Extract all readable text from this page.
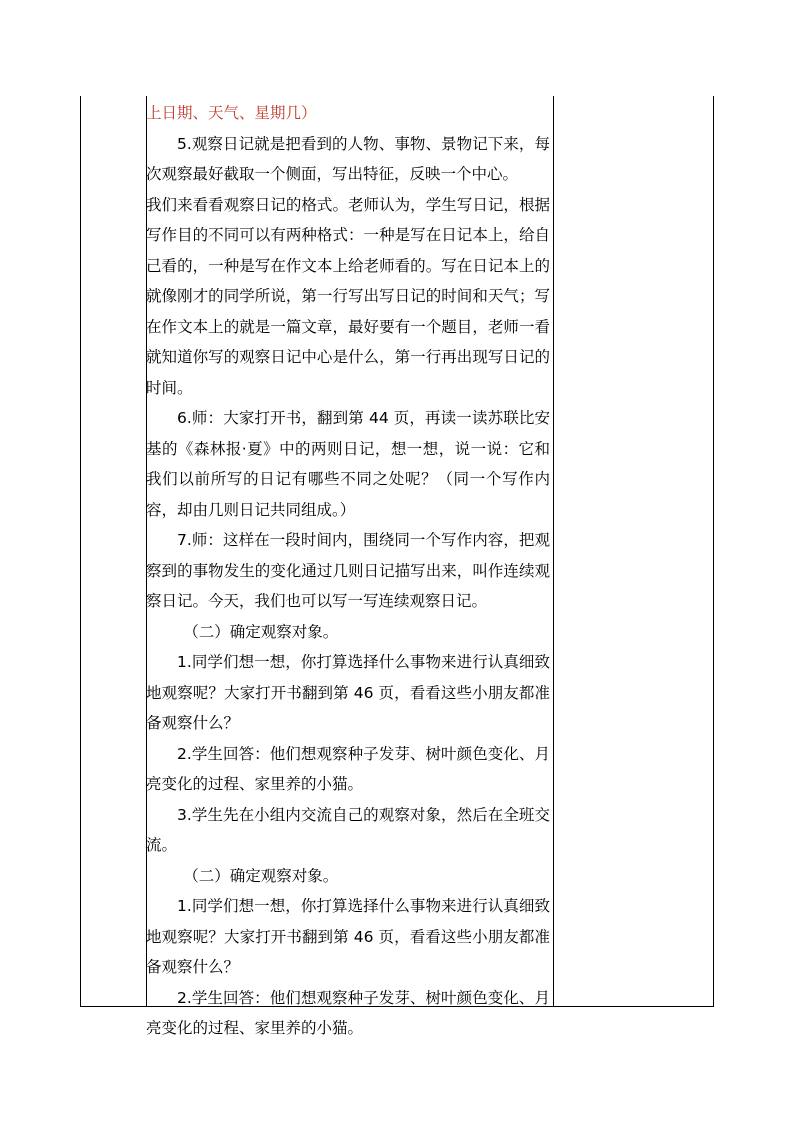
上日期、天气、星期几）

5.观察日记就是把看到的人物、事物、景物记下来，每次观察最好截取一个侧面，写出特征，反映一个中心。

我们来看看观察日记的格式。老师认为，学生写日记，根据写作目的不同可以有两种格式：一种是写在日记本上，给自己看的，一种是写在作文本上给老师看的。写在日记本上的就像刚才的同学所说，第一行写出写日记的时间和天气；写在作文本上的就是一篇文章，最好要有一个题目，老师一看就知道你写的观察日记中心是什么，第一行再出现写日记的时间。

6.师：大家打开书，翻到第 44 页，再读一读苏联比安基的《森林报·夏》中的两则日记，想一想，说一说：它和我们以前所写的日记有哪些不同之处呢？（同一个写作内容，却由几则日记共同组成。）

7.师：这样在一段时间内，围绕同一个写作内容，把观察到的事物发生的变化通过几则日记描写出来，叫作连续观察日记。今天，我们也可以写一写连续观察日记。

（二）确定观察对象。

1.同学们想一想，你打算选择什么事物来进行认真细致地观察呢？大家打开书翻到第 46 页，看看这些小朋友都准备观察什么？

2.学生回答：他们想观察种子发芽、树叶颜色变化、月亮变化的过程、家里养的小猫。

3.学生先在小组内交流自己的观察对象，然后在全班交流。

（二）确定观察对象。

1.同学们想一想，你打算选择什么事物来进行认真细致地观察呢？大家打开书翻到第 46 页，看看这些小朋友都准备观察什么？

2.学生回答：他们想观察种子发芽、树叶颜色变化、月亮变化的过程、家里养的小猫。
